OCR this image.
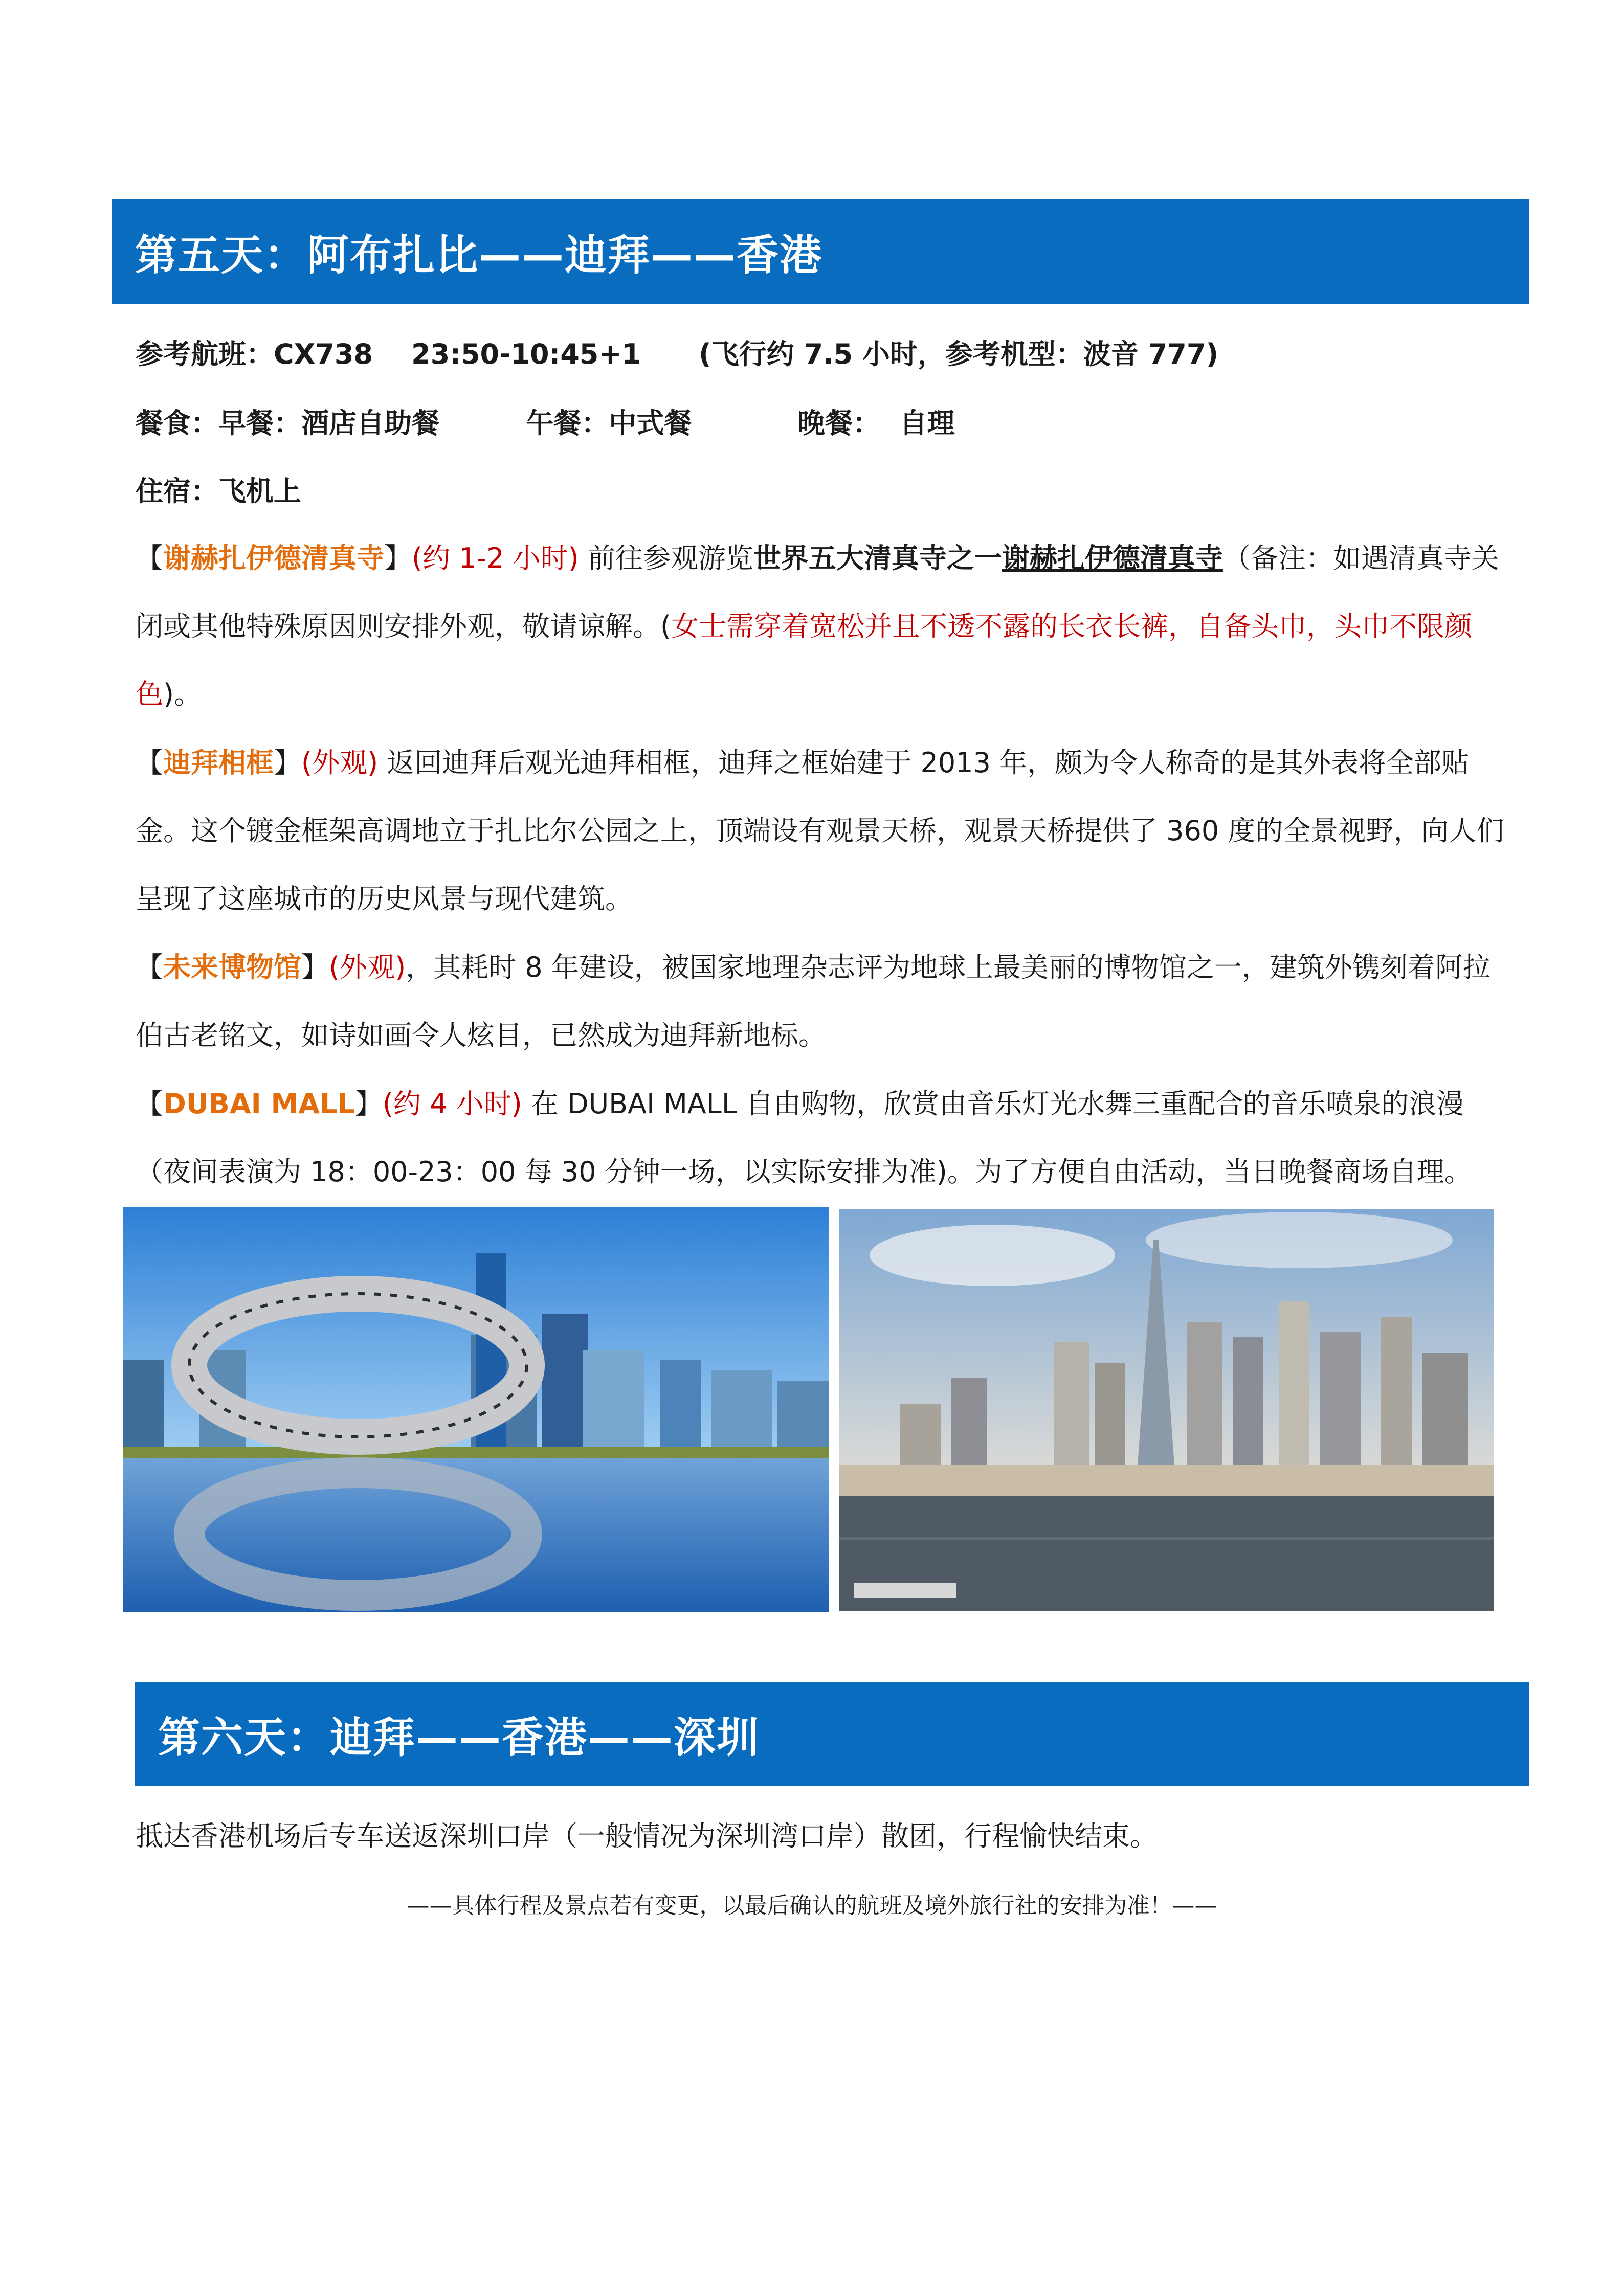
第五天：阿布扎比——迪拜——香港
参考航班：CX738    23:50-10:45+1      (飞行约 7.5 小时，参考机型：波音 777)
餐食：早餐：酒店自助餐         午餐：中式餐           晚餐：  自理
住宿：飞机上
【谢赫扎伊德清真寺】(约 1-2 小时) 前往参观游览世界五大清真寺之一谢赫扎伊德清真寺（备注：如遇清真寺关闭或其他特殊原因则安排外观，敬请谅解。(女士需穿着宽松并且不透不露的长衣长裤，自备头巾，头巾不限颜色)。
【迪拜相框】(外观) 返回迪拜后观光迪拜相框，迪拜之框始建于 2013 年，颇为令人称奇的是其外表将全部贴金。这个镀金框架高调地立于扎比尔公园之上，顶端设有观景天桥，观景天桥提供了 360 度的全景视野，向人们呈现了这座城市的历史风景与现代建筑。
【未来博物馆】(外观)，其耗时 8 年建设，被国家地理杂志评为地球上最美丽的博物馆之一，建筑外镌刻着阿拉伯古老铭文，如诗如画令人炫目，已然成为迪拜新地标。
【DUBAI MALL】(约 4 小时) 在 DUBAI MALL 自由购物，欣赏由音乐灯光水舞三重配合的音乐喷泉的浪漫（夜间表演为 18：00-23：00 每 30 分钟一场，以实际安排为准)。为了方便自由活动，当日晚餐商场自理。
第六天：迪拜——香港——深圳
抵达香港机场后专车送返深圳口岸（一般情况为深圳湾口岸）散团，行程愉快结束。
——具体行程及景点若有变更，以最后确认的航班及境外旅行社的安排为准！——
